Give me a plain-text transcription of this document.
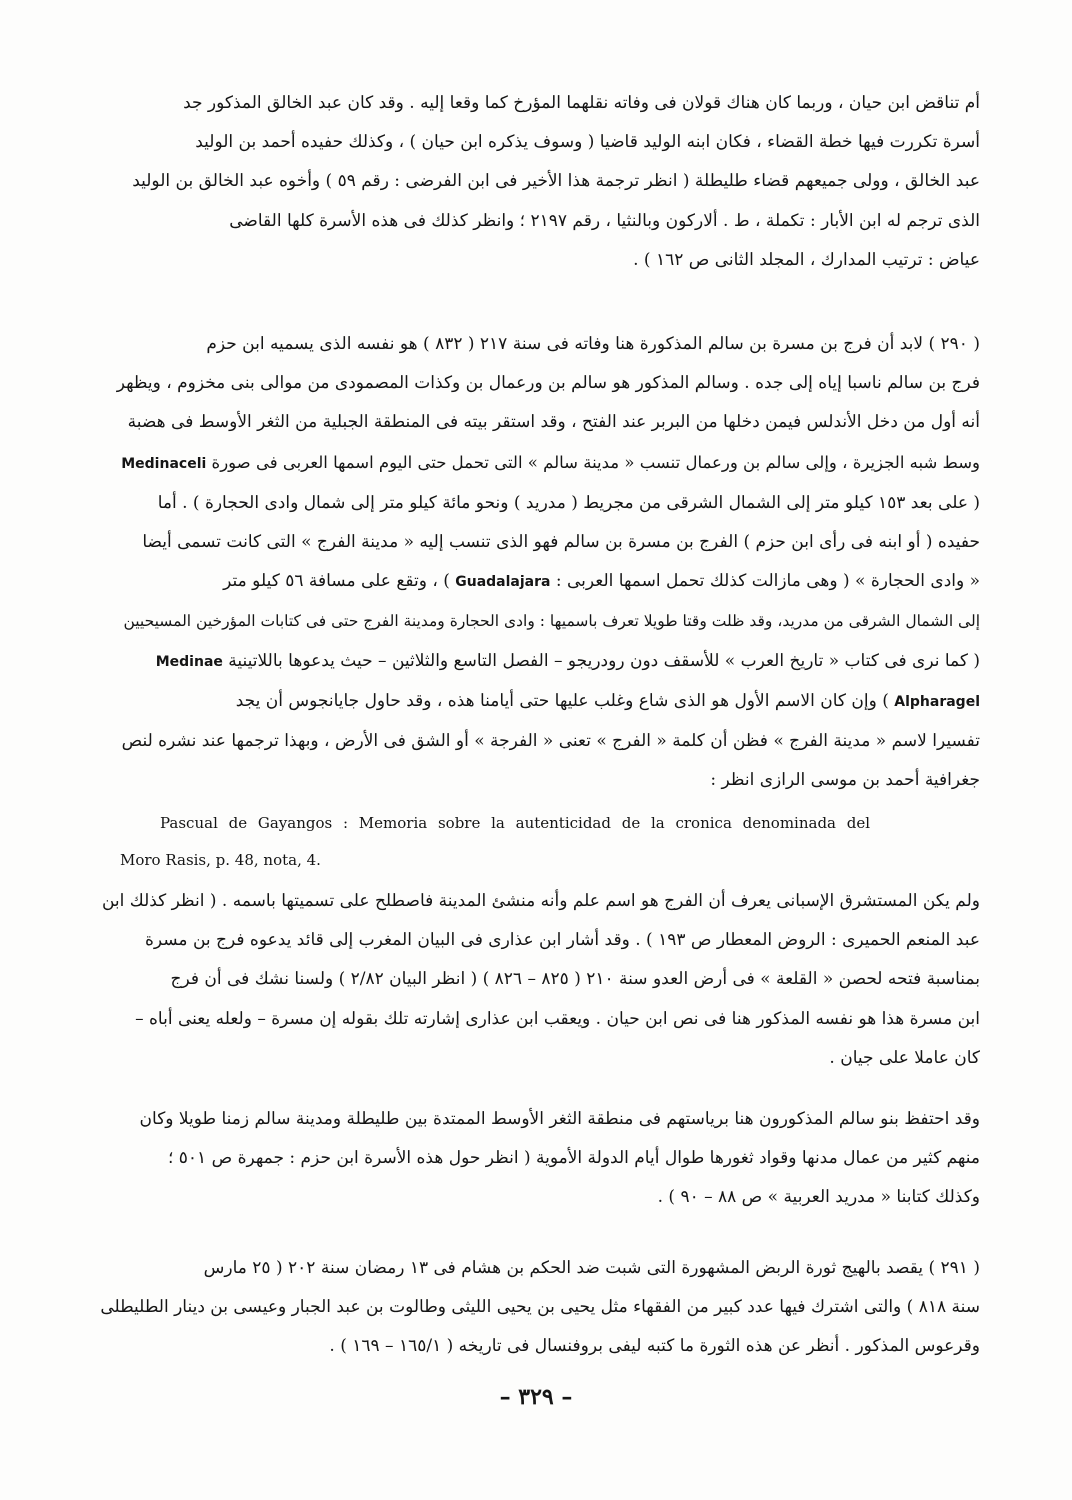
أم تناقض ابن حيان ، وربما كان هناك قولان فى وفاته نقلهما المؤرخ كما وقعا إليه . وقد كان عبد الخالق المذكور جد
أسرة تكررت فيها خطة القضاء ، فكان ابنه الوليد قاضيا ( وسوف يذكره ابن حيان ) ، وكذلك حفيده أحمد بن الوليد
عبد الخالق ، وولى جميعهم قضاء طليطلة ( انظر ترجمة هذا الأخير فى ابن الفرضى : رقم ٥٩ ) وأخوه عبد الخالق بن الوليد
الذى ترجم له ابن الأبار : تكملة ، ط . ألاركون وبالنثيا ، رقم ٢١٩٧ ؛ وانظر كذلك فى هذه الأسرة كلها القاضى
عياض : ترتيب المدارك ، المجلد الثانى ص ١٦٢ ) .
( ٢٩٠ ) لابد أن فرج بن مسرة بن سالم المذكورة هنا وفاته فى سنة ٢١٧ ( ٨٣٢ ) هو نفسه الذى يسميه ابن حزم
فرج بن سالم ناسبا إياه إلى جده . وسالم المذكور هو سالم بن ورعمال بن وكذات المصمودى من موالى بنى مخزوم ، ويظهر
أنه أول من دخل الأندلس فيمن دخلها من البربر عند الفتح ، وقد استقر بيته فى المنطقة الجبلية من الثغر الأوسط فى هضبة
وسط شبه الجزيرة ، وإلى سالم بن ورعمال تنسب « مدينة سالم » التى تحمل حتى اليوم اسمها العربى فى صورة Medinaceli
( على بعد ١٥٣ كيلو متر إلى الشمال الشرقى من مجريط ( مدريد ) ونحو مائة كيلو متر إلى شمال وادى الحجارة ) . أما
حفيده ( أو ابنه فى رأى ابن حزم ) الفرج بن مسرة بن سالم فهو الذى تنسب إليه « مدينة الفرج » التى كانت تسمى أيضا
« وادى الحجارة » ( وهى مازالت كذلك تحمل اسمها العربى : Guadalajara ) ، وتقع على مسافة ٥٦ كيلو متر
إلى الشمال الشرقى من مدريد، وقد ظلت وقتا طويلا تعرف باسميها : وادى الحجارة ومدينة الفرج حتى فى كتابات المؤرخين المسيحيين
( كما نرى فى كتاب « تاريخ العرب » للأسقف دون رودريجو – الفصل التاسع والثلاثين – حيث يدعوها باللاتينية Medinae
Alpharagel ) وإن كان الاسم الأول هو الذى شاع وغلب عليها حتى أيامنا هذه ، وقد حاول جايانجوس أن يجد
تفسيرا لاسم « مدينة الفرج » فظن أن كلمة « الفرج » تعنى « الفرجة » أو الشق فى الأرض ، وبهذا ترجمها عند نشره لنص
جغرافية أحمد بن موسى الرازى انظر :
Pascual de Gayangos : Memoria sobre la autenticidad de la cronica denominada del
Moro Rasis, p. 48, nota, 4.
ولم يكن المستشرق الإسبانى يعرف أن الفرج هو اسم علم وأنه منشئ المدينة فاصطلح على تسميتها باسمه . ( انظر كذلك ابن
عبد المنعم الحميرى : الروض المعطار ص ١٩٣ ) . وقد أشار ابن عذارى فى البيان المغرب إلى قائد يدعوه فرج بن مسرة
بمناسبة فتحه لحصن « القلعة » فى أرض العدو سنة ٢١٠ ( ٨٢٥ – ٨٢٦ ) ( انظر البيان ٢/٨٢ ) ولسنا نشك فى أن فرج
ابن مسرة هذا هو نفسه المذكور هنا فى نص ابن حيان . ويعقب ابن عذارى إشارته تلك بقوله إن مسرة – ولعله يعنى أباه –
كان عاملا على جيان .
وقد احتفظ بنو سالم المذكورون هنا برياستهم فى منطقة الثغر الأوسط الممتدة بين طليطلة ومدينة سالم زمنا طويلا وكان
منهم كثير من عمال مدنها وقواد ثغورها طوال أيام الدولة الأموية ( انظر حول هذه الأسرة ابن حزم : جمهرة ص ٥٠١ ؛
وكذلك كتابنا « مدريد العربية » ص ٨٨ – ٩٠ ) .
( ٢٩١ ) يقصد بالهيج ثورة الربض المشهورة التى شبت ضد الحكم بن هشام فى ١٣ رمضان سنة ٢٠٢ ( ٢٥ مارس
سنة ٨١٨ ) والتى اشترك فيها عدد كبير من الفقهاء مثل يحيى بن يحيى الليثى وطالوت بن عبد الجبار وعيسى بن دينار الطليطلى
وقرعوس المذكور . أنظر عن هذه الثورة ما كتبه ليفى بروفنسال فى تاريخه ( ١٦٥/١ – ١٦٩ ) .
– ٣٢٩ –
